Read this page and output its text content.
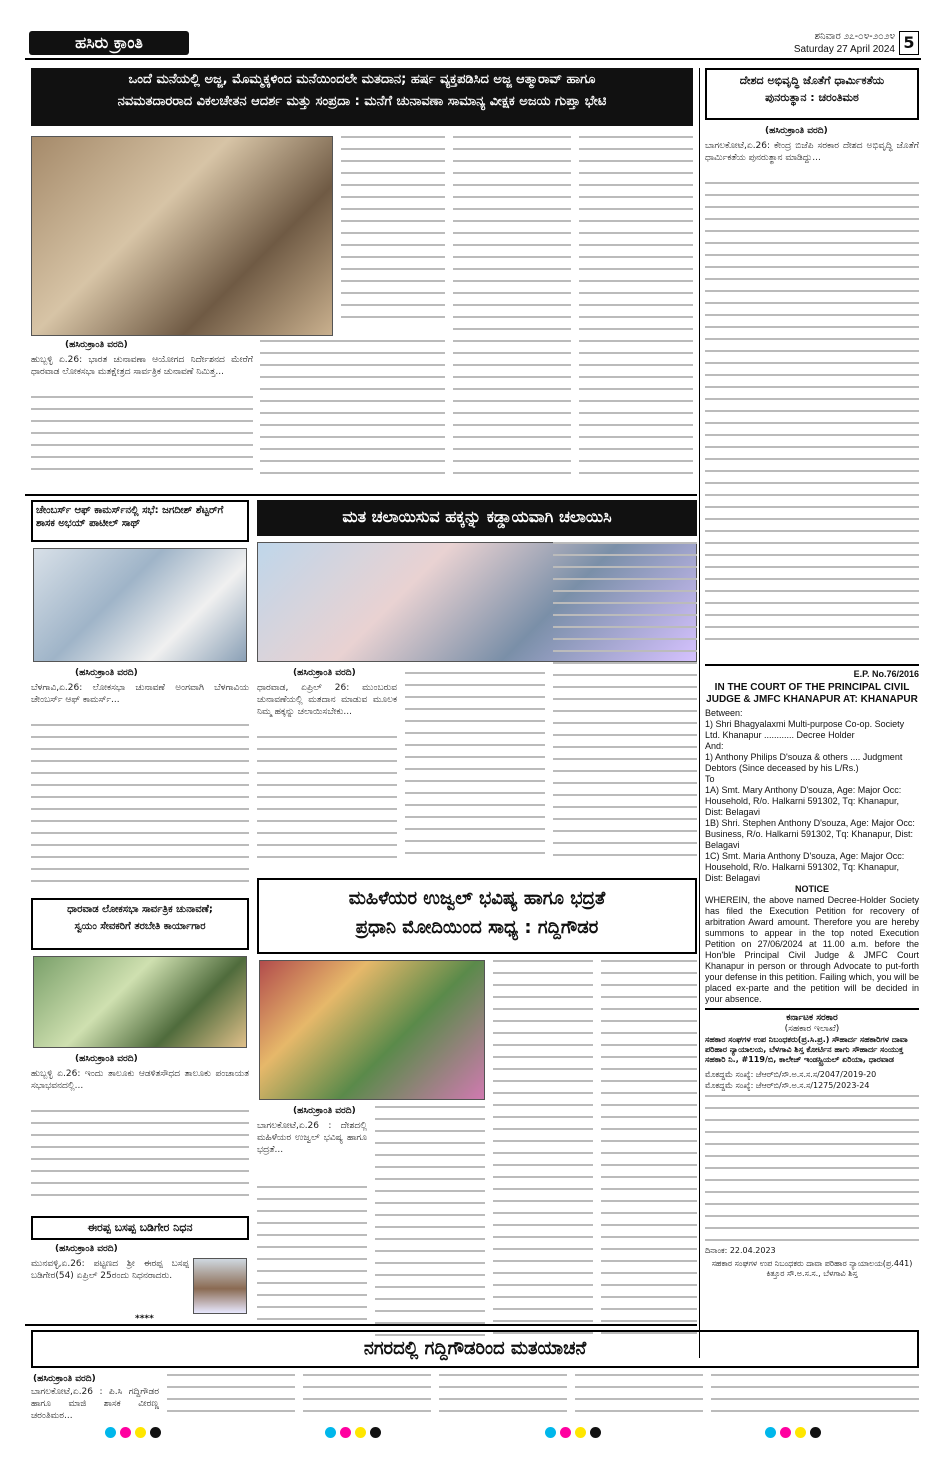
ಹಸಿರು ಕ್ರಾಂತಿ	ಶನಿವಾರ ೨೭-೦೪-೨೦೨೪
Saturday 27 April 2024 5
ಒಂದೆ ಮನೆಯಲ್ಲಿ ಅಜ್ಜ, ಮೊಮ್ಮಕ್ಕಳಿಂದ ಮನೆಯಿಂದಲೇ ಮತದಾನ; ಹರ್ಷ ವ್ಯಕ್ತಪಡಿಸಿದ ಅಜ್ಜ ಆತ್ಮಾರಾವ್ ಹಾಗೂ
ನವಮತದಾರರಾದ ವಿಕಲಚೇತನ ಆದರ್ಶ ಮತ್ತು ಸಂಪ್ರದಾ : ಮನೆಗೆ ಚುನಾವಣಾ ಸಾಮಾನ್ಯ ವೀಕ್ಷಕ ಅಜಯ ಗುಪ್ತಾ ಭೇಟಿ
(ಹಸಿರುಕ್ರಾಂತಿ ವರದಿ)
ಹುಬ್ಬಳ್ಳಿ ಏ.26: ಭಾರತ ಚುನಾವಣಾ ಆಯೋಗದ ನಿರ್ದೇಶನದ ಮೇರೆಗೆ ಧಾರವಾಡ ಲೋಕಸಭಾ ಮತಕ್ಷೇತ್ರದ ಸಾರ್ವತ್ರಿಕ ಚುನಾವಣೆ ನಿಮಿತ್ತ...
ದೇಶದ ಅಭಿವೃದ್ಧಿ ಜೊತೆಗೆ ಧಾರ್ಮಿಕತೆಯ
ಪುನರುತ್ಥಾನ : ಚರಂತಿಮಠ
(ಹಸಿರುಕ್ರಾಂತಿ ವರದಿ)
ಬಾಗಲಕೋಟೆ,ಏ.26: ಕೇಂದ್ರ ಬಿಜೆಪಿ ಸರಕಾರ ದೇಶದ ಅಭಿವೃದ್ಧಿ ಜೊತೆಗೆ ಧಾರ್ಮಿಕತೆಯ ಪುನರುತ್ಥಾನ ಮಾಡಿದ್ದು...

E.P. No.76/2016

IN THE COURT OF THE PRINCIPAL CIVIL JUDGE & JMFC KHANAPUR AT: KHANAPUR

Between:

1) Shri Bhagyalaxmi Multi-purpose Co-op. Society Ltd. Khanapur ............ Decree Holder

And:

1) Anthony Philips D'souza & others .... Judgment Debtors (Since deceased by his L/Rs.)

To

1A) Smt. Mary Anthony D'souza, Age: Major Occ: Household, R/o. Halkarni 591302, Tq: Khanapur, Dist: Belagavi

1B) Shri. Stephen Anthony D'souza, Age: Major Occ: Business, R/o. Halkarni 591302, Tq: Khanapur, Dist: Belagavi

1C) Smt. Maria Anthony D'souza, Age: Major Occ: Household, R/o. Halkarni 591302, Tq: Khanapur, Dist: Belagavi

NOTICE

WHEREIN, the above named Decree-Holder Society has filed the Execution Petition for recovery of arbitration Award amount. Therefore you are hereby summons to appear in the top noted Execution Petition on 27/06/2024 at 11.00 a.m. before the Hon'ble Principal Civil Judge & JMFC Court Khanapur in person or through Advocate to put-forth your defense in this petition. Failing which, you will be placed ex-parte and the petition will be decided in your absence.

ಕರ್ನಾಟಕ ಸರಕಾರ

(ಸಹಕಾರ ಇಲಾಖೆ)

ಸಹಕಾರ ಸಂಘಗಳ ಉಪ ನಿಬಂಧಕರು(ಪ್ರ.ಸಿ.ಪ್ರ.) ಸೌಹಾರ್ದ ಸಹಕಾರಿಗಳ ದಾವಾ ಪರಿಹಾರ ನ್ಯಾಯಾಲಯ, ಬೆಳಗಾವಿ ಶಿಸ್ತ ಕೋರ್ಟಿನ ಹಾಗು ಸೌಹಾರ್ದ ಸಂಯುಕ್ತ ಸಹಕಾರಿ ನಿ., #119/ಬಿ, ಕಾಲೇಜ್ ಇಂಡಸ್ಟ್ರಿಯಲ್ ಏರಿಯಾ, ಧಾರವಾಡ

ಮೊಕದ್ದಮೆ ಸಂಖ್ಯೆ: ಜೆಆರ್‌ಬಿ/ಸೌ.ಅ.ಸ.ಸ.ಸ/2047/2019-20

ಮೊಕದ್ದಮೆ ಸಂಖ್ಯೆ: ಜೆಆರ್‌ಬಿ/ಸೌ.ಅ.ಸ.ಸ/1275/2023-24

ದಿನಾಂಕ: 22.04.2023

ಸಹಕಾರ ಸಂಘಗಳ ಉಪ ನಿಬಂಧಕರು ದಾವಾ ಪರಿಹಾರ ನ್ಯಾಯಾಲಯ(ಪ್ರ.441) ಕಿತ್ತೂರ ಸೌ.ಅ.ಸ.ಸ., ಬೆಳಗಾವಿ ಶಿಸ್ತ

ಚೇಂಬರ್ಸ್ ಆಫ್ ಕಾಮರ್ಸ್‌ನಲ್ಲಿ ಸಭೆ: ಜಗದೀಶ್ ಶೆಟ್ಟರ್‌ಗೆ ಶಾಸಕ ಅಭಯ್ ಪಾಟೀಲ್ ಸಾಥ್
(ಹಸಿರುಕ್ರಾಂತಿ ವರದಿ)
ಬೆಳಗಾವಿ,ಏ.26: ಲೋಕಸಭಾ ಚುನಾವಣೆ ಅಂಗವಾಗಿ ಬೆಳಗಾವಿಯ ಚೇಂಬರ್ಸ್ ಆಫ್ ಕಾಮರ್ಸ್...
ಮತ ಚಲಾಯಿಸುವ ಹಕ್ಕನ್ನು ಕಡ್ಡಾಯವಾಗಿ ಚಲಾಯಿಸಿ
(ಹಸಿರುಕ್ರಾಂತಿ ವರದಿ)
ಧಾರವಾಡ, ಏಪ್ರಿಲ್ 26: ಮುಂಬರುವ ಚುನಾವಣೆಯಲ್ಲಿ ಮತದಾನ ಮಾಡುವ ಮೂಲಕ ನಿಮ್ಮ ಹಕ್ಕನ್ನು ಚಲಾಯಿಸಬೇಕು...
ಧಾರವಾಡ ಲೋಕಸಭಾ ಸಾರ್ವತ್ರಿಕ ಚುನಾವಣೆ;
ಸ್ವಯಂ ಸೇವಕರಿಗೆ ತರಬೇತಿ ಕಾರ್ಯಾಗಾರ
(ಹಸಿರುಕ್ರಾಂತಿ ವರದಿ)
ಹುಬ್ಬಳ್ಳಿ ಏ.26: ಇಂದು ತಾಲೂಕು ಆಡಳಿತಸೌಧದ ತಾಲೂಕು ಪಂಚಾಯತ ಸಭಾಭವನದಲ್ಲಿ...
ಈರಪ್ಪ ಬಸಪ್ಪ ಬಡಿಗೇರ ನಿಧನ
(ಹಸಿರುಕ್ರಾಂತಿ ವರದಿ)
ಮುನವಳ್ಳಿ,ಏ.26: ಪಟ್ಟಣದ ಶ್ರೀ ಈರಪ್ಪ ಬಸಪ್ಪ ಬಡಿಗೇರ(54) ಏಪ್ರಿಲ್ 25ರಂದು ನಿಧನರಾದರು.
****
ಮಹಿಳೆಯರ ಉಜ್ವಲ್ ಭವಿಷ್ಯ ಹಾಗೂ ಭದ್ರತೆ
ಪ್ರಧಾನಿ ಮೋದಿಯಿಂದ ಸಾಧ್ಯ : ಗದ್ದಿಗೌಡರ
(ಹಸಿರುಕ್ರಾಂತಿ ವರದಿ)
ಬಾಗಲಕೋಟೆ,ಏ.26 : ದೇಶದಲ್ಲಿ ಮಹಿಳೆಯರ ಉಜ್ವಲ್ ಭವಿಷ್ಯ ಹಾಗೂ ಭದ್ರತೆ...
ನಗರದಲ್ಲಿ ಗದ್ದಿಗೌಡರಿಂದ ಮತಯಾಚನೆ
(ಹಸಿರುಕ್ರಾಂತಿ ವರದಿ)
ಬಾಗಲಕೋಟೆ,ಏ.26 : ಪಿ.ಸಿ ಗದ್ದಿಗೌಡರ ಹಾಗೂ ಮಾಜಿ ಶಾಸಕ ವೀರಣ್ಣ ಚರಂತಿಮಠ...
